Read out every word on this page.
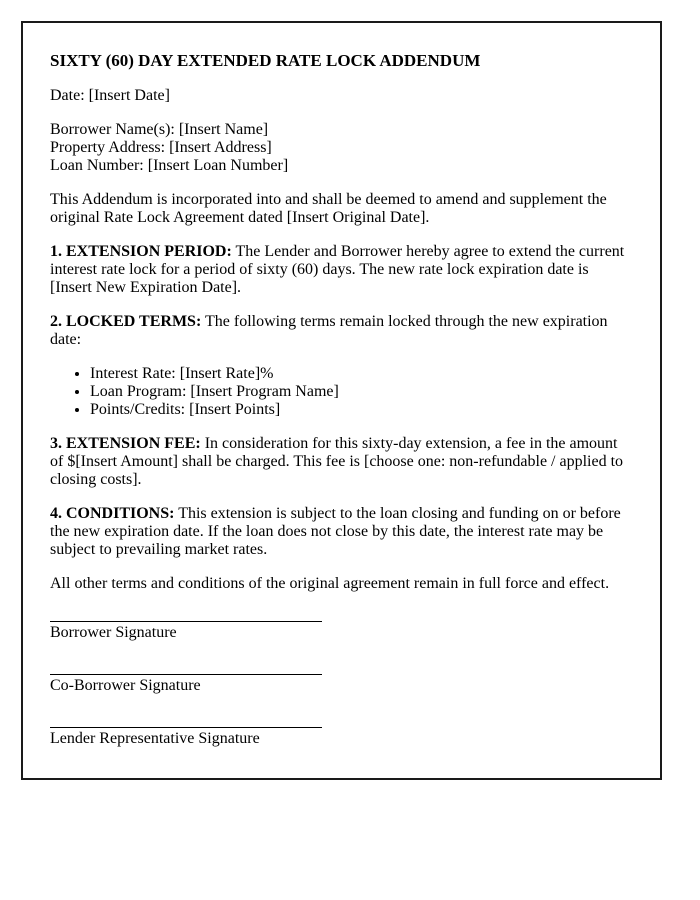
SIXTY (60) DAY EXTENDED RATE LOCK ADDENDUM

Date: [Insert Date]

Borrower Name(s): [Insert Name]
Property Address: [Insert Address]
Loan Number: [Insert Loan Number]

This Addendum is incorporated into and shall be deemed to amend and supplement the original Rate Lock Agreement dated [Insert Original Date].

1. EXTENSION PERIOD: The Lender and Borrower hereby agree to extend the current interest rate lock for a period of sixty (60) days. The new rate lock expiration date is [Insert New Expiration Date].

2. LOCKED TERMS: The following terms remain locked through the new expiration date:

• Interest Rate: [Insert Rate]%
• Loan Program: [Insert Program Name]
• Points/Credits: [Insert Points]

3. EXTENSION FEE: In consideration for this sixty-day extension, a fee in the amount of $[Insert Amount] shall be charged. This fee is [choose one: non-refundable / applied to closing costs].

4. CONDITIONS: This extension is subject to the loan closing and funding on or before the new expiration date. If the loan does not close by this date, the interest rate may be subject to prevailing market rates.

All other terms and conditions of the original agreement remain in full force and effect.

Borrower Signature
Co-Borrower Signature
Lender Representative Signature
